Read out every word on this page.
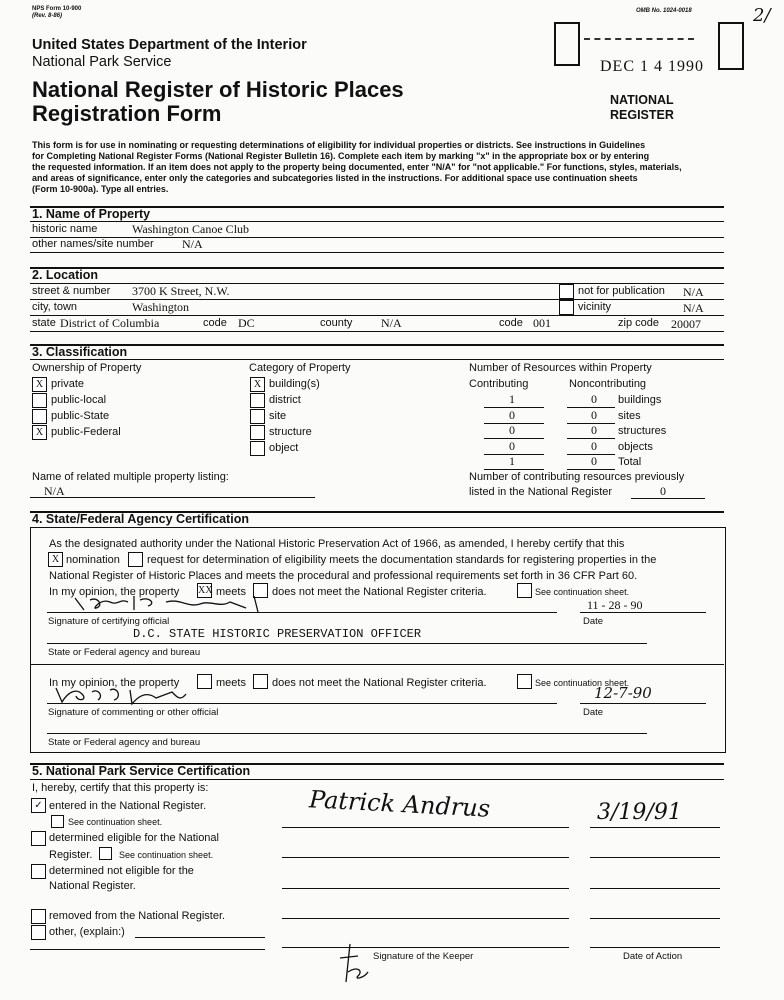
NPS Form 10-900
(Rev. 8-86)
OMB No. 1024-0018
United States Department of the Interior
National Park Service
National Register of Historic Places
Registration Form
DEC 1 4 1990
2/
NATIONAL
REGISTER
This form is for use in nominating or requesting determinations of eligibility for individual properties or districts. See instructions in Guidelines
for Completing National Register Forms (National Register Bulletin 16). Complete each item by marking "x" in the appropriate box or by entering
the requested information. If an item does not apply to the property being documented, enter "N/A" for "not applicable." For functions, styles, materials,
and areas of significance, enter only the categories and subcategories listed in the instructions. For additional space use continuation sheets
(Form 10-900a). Type all entries.
1. Name of Property
historic name	Washington Canoe Club
other names/site number N/A
2. Location
street & number 3700 K Street, N.W.	not for publication N/A
city, town	Washington	vicinity	N/A
state District of Columbia	code DC	county N/A	code 001	zip code 20007
3. Classification
Ownership of Property	Category of Property	Number of Resources within Property
Contributing	Noncontributing
X private
public-local
public-State
X public-Federal
X building(s)
district
site
structure
object
1	0	buildings
0	0	sites
0	0	structures
0	0	objects
1	0	Total
Name of related multiple property listing:
N/A
Number of contributing resources previously
listed in the National Register	0
4. State/Federal Agency Certification
As the designated authority under the National Historic Preservation Act of 1966, as amended, I hereby certify that this
X nomination request for determination of eligibility meets the documentation standards for registering properties in the
National Register of Historic Places and meets the procedural and professional requirements set forth in 36 CFR Part 60.
In my opinion, the property XX meets does not meet the National Register criteria.	See continuation sheet.
11 - 28 - 90
Signature of certifying official	Date
D.C. STATE HISTORIC PRESERVATION OFFICER
State or Federal agency and bureau
In my opinion, the property	meets does not meet the National Register criteria.	See continuation sheet.
12-7-90
Signature of commenting or other official	Date
State or Federal agency and bureau
5. National Park Service Certification
I, hereby, certify that this property is:
✓ entered in the National Register.
See continuation sheet.
determined eligible for the National
Register.	See continuation sheet.
determined not eligible for the
National Register.
removed from the National Register.
other, (explain:)
Patrick Andrus	3/19/91
Signature of the Keeper	Date of Action
